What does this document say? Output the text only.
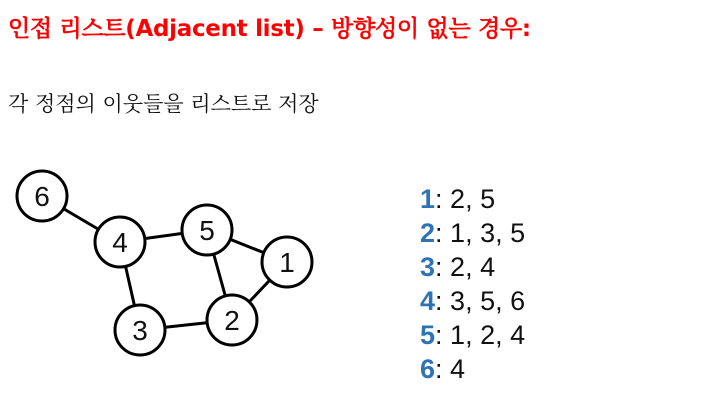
인접 리스트(Adjacent list) – 방향성이 없는 경우:
각 정점의 이웃들을 리스트로 저장
6
4	5
1
3	2
1: 2, 5
2: 1, 3, 5
3: 2, 4
4: 3, 5, 6
5: 1, 2, 4
6: 4
